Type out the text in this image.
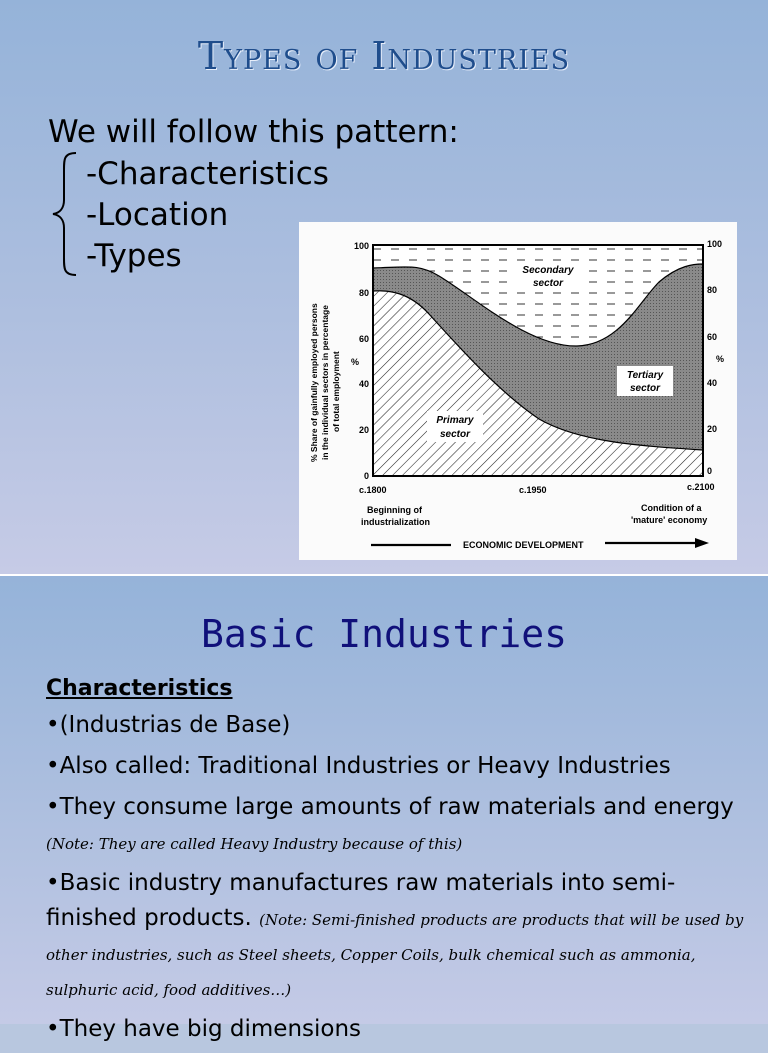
Types of Industries
We will follow this pattern:
-Characteristics
-Location
-Types
0
20
40
60
80
100
0
20
40
60
80
100
%	%
% Share of gainfully employed persons in the individual sectors in percentage of total employment
Secondary
sector
Tertiary
sector
Primary
sector
c.1800	c.1950	c.2100
Beginning of
industrialization
Condition of a
'mature' economy
ECONOMIC DEVELOPMENT
Basic Industries
Characteristics
•(Industrias de Base)
•Also called: Traditional Industries or Heavy Industries
•They consume large amounts of raw materials and energy (Note: They are called Heavy Industry because of this)
•Basic industry manufactures raw materials into semi-finished products. (Note: Semi-finished products are products that will be used by other industries, such as Steel sheets, Copper Coils, bulk chemical such as ammonia, sulphuric acid, food additives…)
•They have big dimensions
